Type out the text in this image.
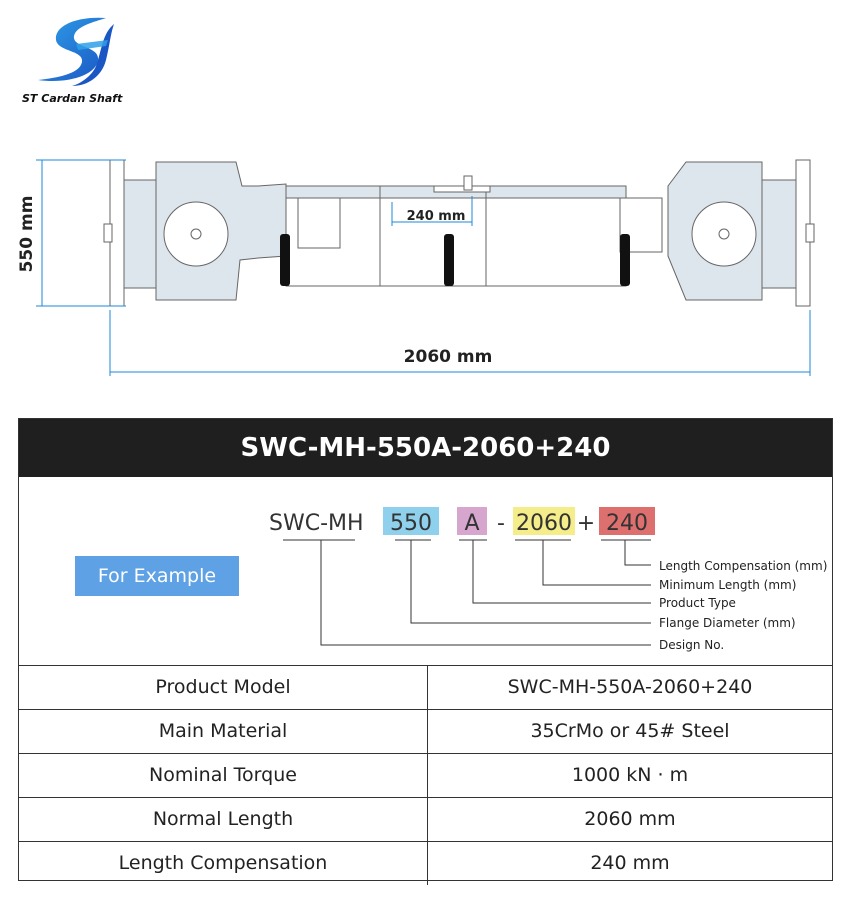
ST Cardan Shaft
240 mm
550 mm
2060 mm
SWC-MH-550A-2060+240
For Example
SWC-MH 550 A - 2060 + 240
Length Compensation (mm)
Minimum Length (mm)
Product Type
Flange Diameter (mm)
Design No.
Product Model	SWC-MH-550A-2060+240
Main Material	35CrMo or 45# Steel
Nominal Torque	1000 kN · m
Normal Length	2060 mm
Length Compensation	240 mm
